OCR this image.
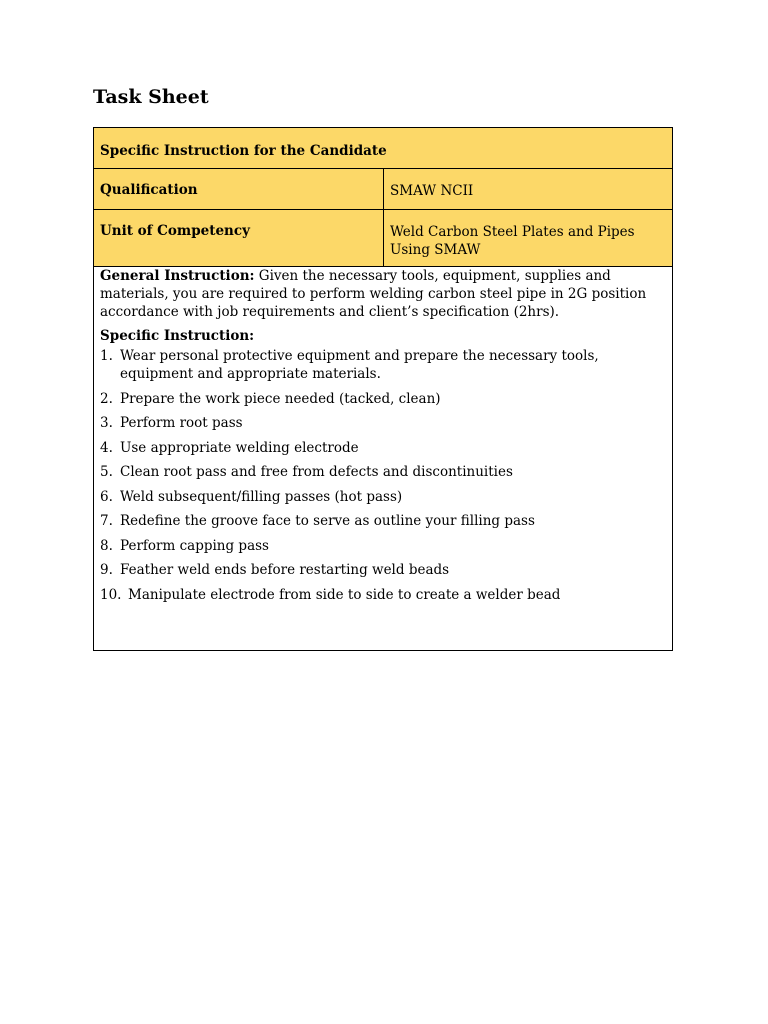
Task Sheet
Specific Instruction for the Candidate
Qualification	SMAW NCII
Unit of Competency	Weld Carbon Steel Plates and Pipes Using SMAW

General Instruction: Given the necessary tools, equipment, supplies and materials, you are required to perform welding carbon steel pipe in 2G position accordance with job requirements and client’s specification (2hrs).

Specific Instruction:
1. Wear personal protective equipment and prepare the necessary tools, equipment and appropriate materials.
2. Prepare the work piece needed (tacked, clean)
3. Perform root pass
4. Use appropriate welding electrode
5. Clean root pass and free from defects and discontinuities
6. Weld subsequent/filling passes (hot pass)
7. Redefine the groove face to serve as outline your filling pass
8. Perform capping pass
9. Feather weld ends before restarting weld beads
10. Manipulate electrode from side to side to create a welder bead
